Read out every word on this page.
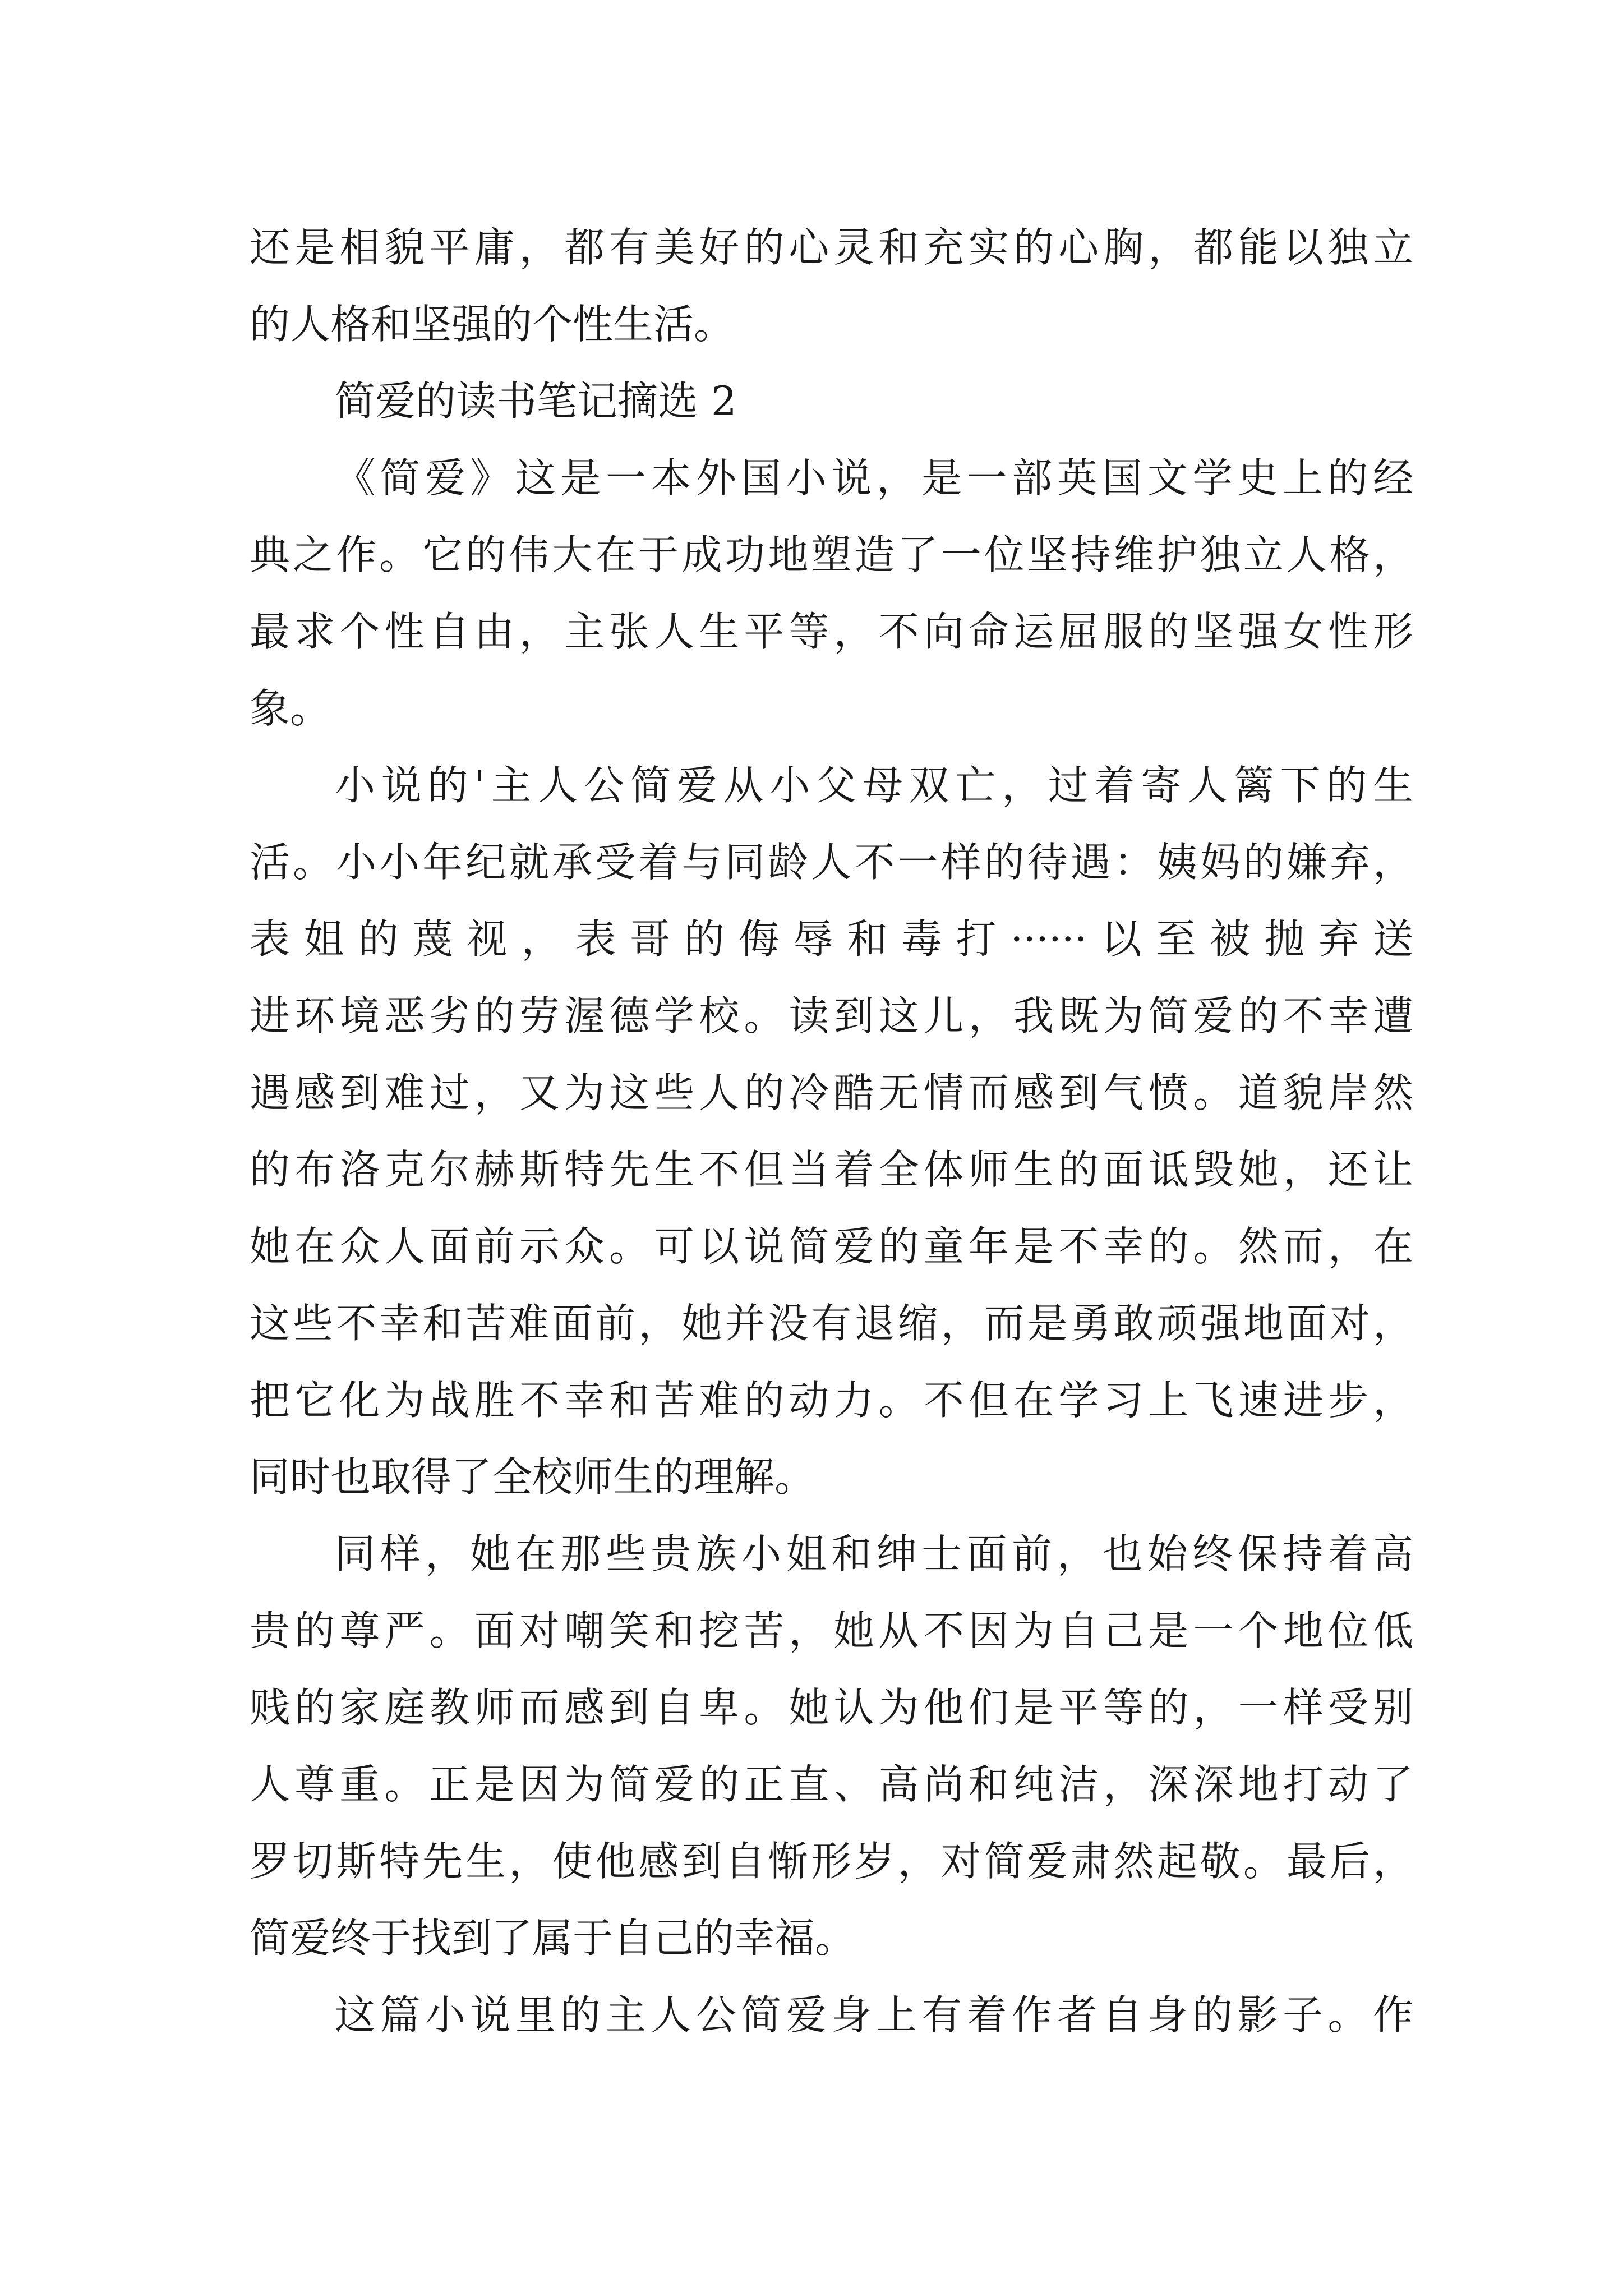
还是相貌平庸，都有美好的心灵和充实的心胸，都能以独立
的人格和坚强的个性生活。
简爱的读书笔记摘选 2
《简爱》这是一本外国小说，是一部英国文学史上的经
典之作。它的伟大在于成功地塑造了一位坚持维护独立人格，
最求个性自由，主张人生平等，不向命运屈服的坚强女性形
象。
小说的'主人公简爱从小父母双亡，过着寄人篱下的生
活。小小年纪就承受着与同龄人不一样的待遇：姨妈的嫌弃，
表姐的蔑视，表哥的侮辱和毒打······以至被抛弃送
进环境恶劣的劳渥德学校。读到这儿，我既为简爱的不幸遭
遇感到难过，又为这些人的冷酷无情而感到气愤。道貌岸然
的布洛克尔赫斯特先生不但当着全体师生的面诋毁她，还让
她在众人面前示众。可以说简爱的童年是不幸的。然而，在
这些不幸和苦难面前，她并没有退缩，而是勇敢顽强地面对，
把它化为战胜不幸和苦难的动力。不但在学习上飞速进步，
同时也取得了全校师生的理解。
同样，她在那些贵族小姐和绅士面前，也始终保持着高
贵的尊严。面对嘲笑和挖苦，她从不因为自己是一个地位低
贱的家庭教师而感到自卑。她认为他们是平等的，一样受别
人尊重。正是因为简爱的正直、高尚和纯洁，深深地打动了
罗切斯特先生，使他感到自惭形岁，对简爱肃然起敬。最后，
简爱终于找到了属于自己的幸福。
这篇小说里的主人公简爱身上有着作者自身的影子。作
